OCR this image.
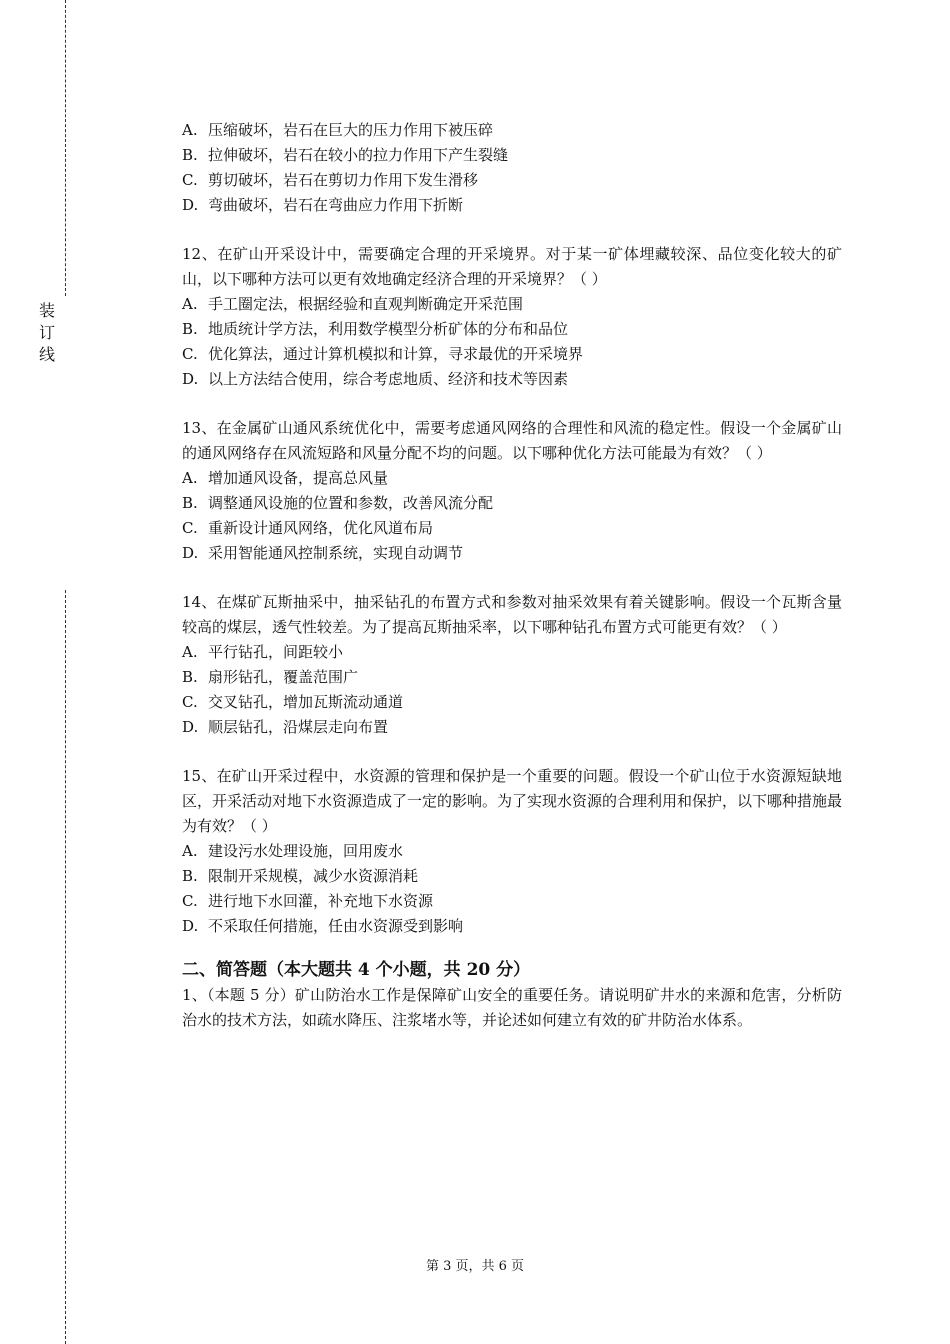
装订线
A. 压缩破坏，岩石在巨大的压力作用下被压碎
B. 拉伸破坏，岩石在较小的拉力作用下产生裂缝
C. 剪切破坏，岩石在剪切力作用下发生滑移
D. 弯曲破坏，岩石在弯曲应力作用下折断
12、在矿山开采设计中，需要确定合理的开采境界。对于某一矿体埋藏较深、品位变化较大的矿山，以下哪种方法可以更有效地确定经济合理的开采境界？（ ）
A. 手工圈定法，根据经验和直观判断确定开采范围
B. 地质统计学方法，利用数学模型分析矿体的分布和品位
C. 优化算法，通过计算机模拟和计算，寻求最优的开采境界
D. 以上方法结合使用，综合考虑地质、经济和技术等因素
13、在金属矿山通风系统优化中，需要考虑通风网络的合理性和风流的稳定性。假设一个金属矿山的通风网络存在风流短路和风量分配不均的问题。以下哪种优化方法可能最为有效？（ ）
A. 增加通风设备，提高总风量
B. 调整通风设施的位置和参数，改善风流分配
C. 重新设计通风网络，优化风道布局
D. 采用智能通风控制系统，实现自动调节
14、在煤矿瓦斯抽采中，抽采钻孔的布置方式和参数对抽采效果有着关键影响。假设一个瓦斯含量较高的煤层，透气性较差。为了提高瓦斯抽采率，以下哪种钻孔布置方式可能更有效？（ ）
A. 平行钻孔，间距较小
B. 扇形钻孔，覆盖范围广
C. 交叉钻孔，增加瓦斯流动通道
D. 顺层钻孔，沿煤层走向布置
15、在矿山开采过程中，水资源的管理和保护是一个重要的问题。假设一个矿山位于水资源短缺地区，开采活动对地下水资源造成了一定的影响。为了实现水资源的合理利用和保护，以下哪种措施最为有效？（ ）
A. 建设污水处理设施，回用废水
B. 限制开采规模，减少水资源消耗
C. 进行地下水回灌，补充地下水资源
D. 不采取任何措施，任由水资源受到影响
二、简答题（本大题共 4 个小题，共 20 分）
1、（本题 5 分）矿山防治水工作是保障矿山安全的重要任务。请说明矿井水的来源和危害，分析防治水的技术方法，如疏水降压、注浆堵水等，并论述如何建立有效的矿井防治水体系。
第 3 页，共 6 页
